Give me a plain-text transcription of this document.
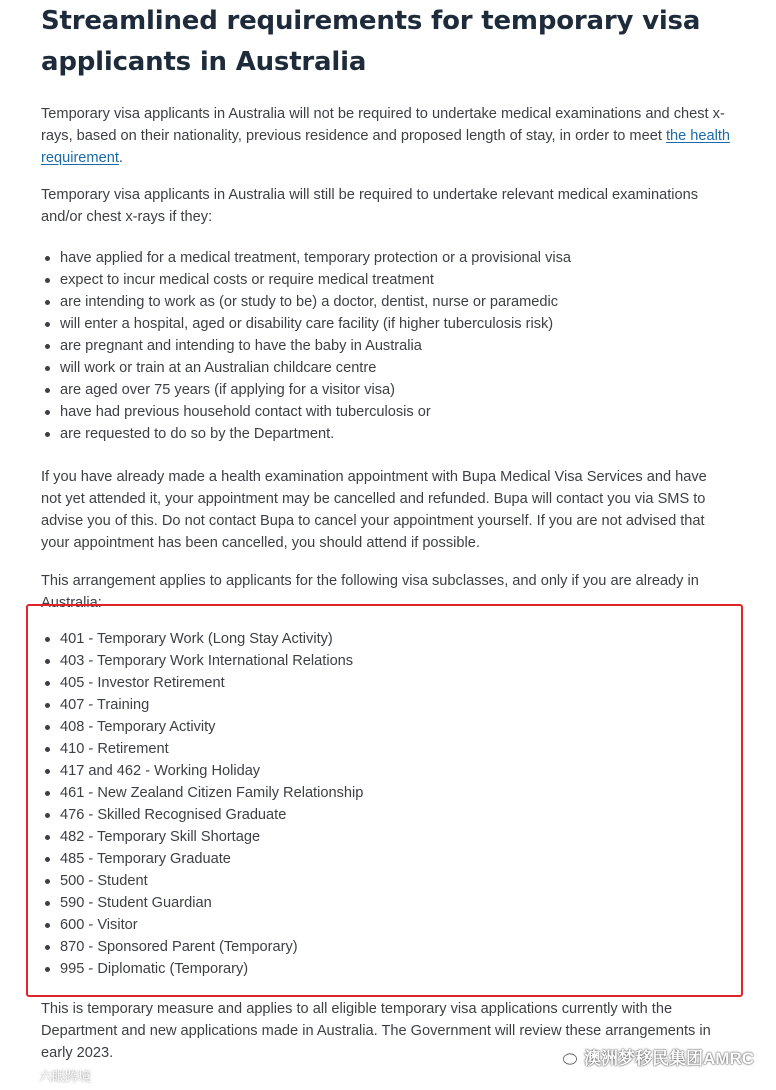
Streamlined requirements for temporary visa applicants in Australia

Temporary visa applicants in Australia will not be required to undertake medical examinations and chest x-rays, based on their nationality, previous residence and proposed length of stay, in order to meet the health requirement.

Temporary visa applicants in Australia will still be required to undertake relevant medical examinations and/or chest x-rays if they:

have applied for a medical treatment, temporary protection or a provisional visa
expect to incur medical costs or require medical treatment
are intending to work as (or study to be) a doctor, dentist, nurse or paramedic
will enter a hospital, aged or disability care facility (if higher tuberculosis risk)
are pregnant and intending to have the baby in Australia
will work or train at an Australian childcare centre
are aged over 75 years (if applying for a visitor visa)
have had previous household contact with tuberculosis or
are requested to do so by the Department.

If you have already made a health examination appointment with Bupa Medical Visa Services and have not yet attended it, your appointment may be cancelled and refunded. Bupa will contact you via SMS to advise you of this. Do not contact Bupa to cancel your appointment yourself. If you are not advised that your appointment has been cancelled, you should attend if possible.

This arrangement applies to applicants for the following visa subclasses, and only if you are already in Australia:

401 - Temporary Work (Long Stay Activity)
403 - Temporary Work International Relations
405 - Investor Retirement
407 - Training
408 - Temporary Activity
410 - Retirement
417 and 462 - Working Holiday
461 - New Zealand Citizen Family Relationship
476 - Skilled Recognised Graduate
482 - Temporary Skill Shortage
485 - Temporary Graduate
500 - Student
590 - Student Guardian
600 - Visitor
870 - Sponsored Parent (Temporary)
995 - Diplomatic (Temporary)

This is temporary measure and applies to all eligible temporary visa applications currently with the Department and new applications made in Australia. The Government will review these arrangements in early 2023.	澳洲梦移民集团AMRC
六眼跨境
